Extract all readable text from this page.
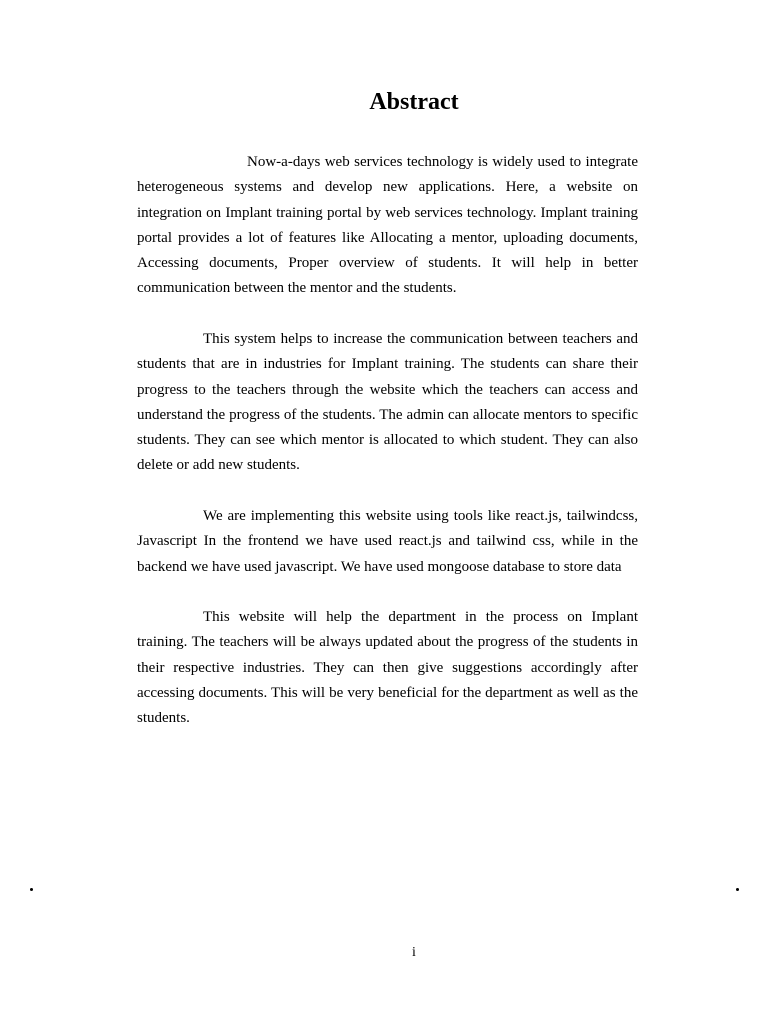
Abstract

Now-a-days web services technology is widely used to integrate heterogeneous systems and develop new applications. Here, a website on integration on Implant training portal by web services technology. Implant training portal provides a lot of features like Allocating a mentor, uploading documents, Accessing documents, Proper overview of students. It will help in better communication between the mentor and the students.

This system helps to increase the communication between teachers and students that are in industries for Implant training. The students can share their progress to the teachers through the website which the teachers can access and understand the progress of the students. The admin can allocate mentors to specific students. They can see which mentor is allocated to which student. They can also delete or add new students.

We are implementing this website using tools like react.js, tailwindcss, Javascript In the frontend we have used react.js and tailwind css, while in the backend we have used javascript. We have used mongoose database to store data

This website will help the department in the process on Implant training. The teachers will be always updated about the progress of the students in their respective industries. They can then give suggestions accordingly after accessing documents. This will be very beneficial for the department as well as the students.

i
